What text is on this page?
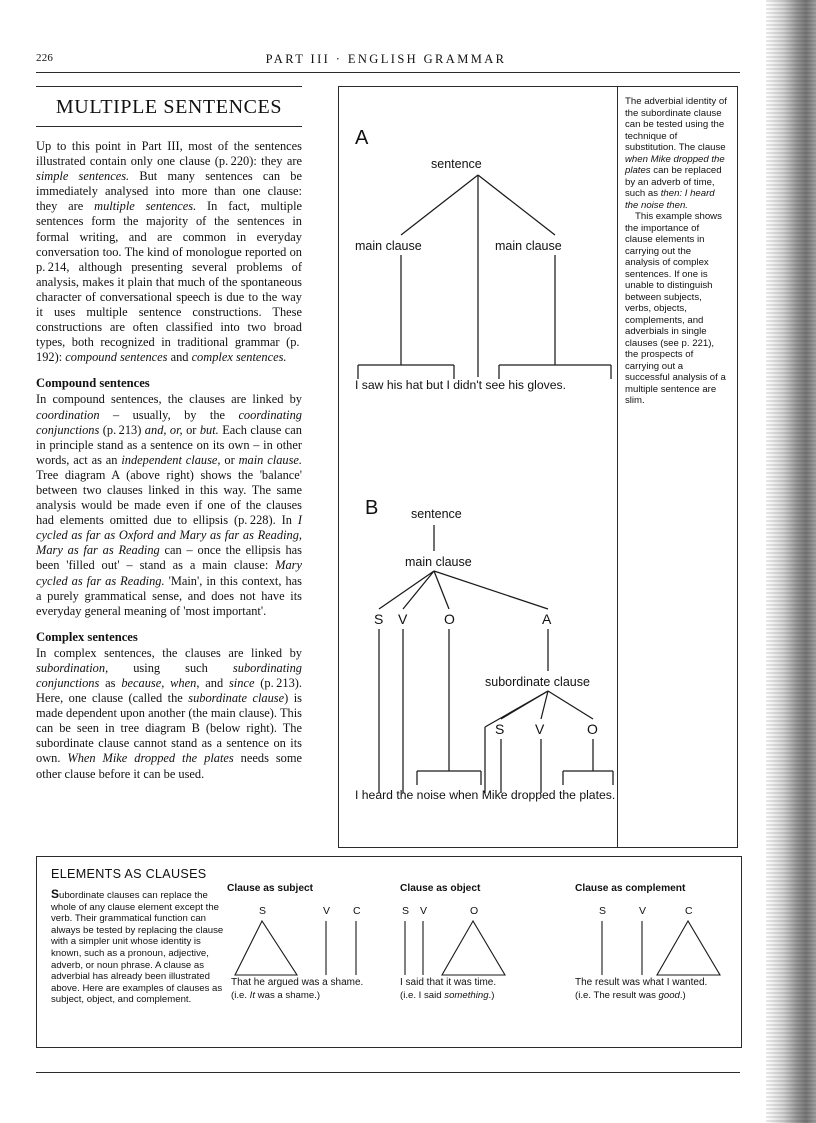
226	PART III · ENGLISH GRAMMAR
MULTIPLE SENTENCES

Up to this point in Part III, most of the sentences illustrated contain only one clause (p. 220): they are simple sentences. But many sentences can be immediately analysed into more than one clause: they are multiple sentences. In fact, multiple sentences form the majority of the sentences in formal writing, and are common in everyday conversation too. The kind of monologue reported on p. 214, although presenting several problems of analysis, makes it plain that much of the spontaneous character of conversational speech is due to the way it uses multiple sentence constructions. These constructions are often classified into two broad types, both recognized in traditional grammar (p. 192): compound sentences and complex sentences.

Compound sentences

In compound sentences, the clauses are linked by coordination – usually, by the coordinating conjunctions (p. 213) and, or, or but. Each clause can in principle stand as a sentence on its own – in other words, act as an independent clause, or main clause. Tree diagram A (above right) shows the 'balance' between two clauses linked in this way. The same analysis would be made even if one of the clauses had elements omitted due to ellipsis (p. 228). In I cycled as far as Oxford and Mary as far as Reading, Mary as far as Reading can – once the ellipsis has been 'filled out' – stand as a main clause: Mary cycled as far as Reading. 'Main', in this context, has a purely grammatical sense, and does not have its everyday general meaning of 'most important'.

Complex sentences

In complex sentences, the clauses are linked by subordination, using such subordinating conjunctions as because, when, and since (p. 213). Here, one clause (called the subordinate clause) is made dependent upon another (the main clause). This can be seen in tree diagram B (below right). The subordinate clause cannot stand as a sentence on its own. When Mike dropped the plates needs some other clause before it can be used.

A
sentence
main clause	main clause
I saw his hat but I didn't see his gloves.
B	sentence
main clause
S V	O	A
subordinate clause
S V	O
I heard the noise when Mike dropped the plates.

The adverbial identity of the subordinate clause can be tested using the technique of substitution. The clause when Mike dropped the plates can be replaced by an adverb of time, such as then: I heard the noise then.

This example shows the importance of clause elements in carrying out the analysis of complex sentences. If one is unable to distinguish between subjects, verbs, objects, complements, and adverbials in single clauses (see p. 221), the prospects of carrying out a successful analysis of a multiple sentence are slim.

ELEMENTS AS CLAUSES
Subordinate clauses can replace the whole of any clause element except the verb. Their grammatical function can always be tested by replacing the clause with a simpler unit whose identity is known, such as a pronoun, adjective, adverb, or noun phrase. A clause as adverbial has already been illustrated above. Here are examples of clauses as subject, object, and complement.
Clause as subject
S	V C
That he argued was a shame.
(i.e. It was a shame.)
Clause as object
S V	O
I said that it was time.
(i.e. I said something.)
Clause as complement
S	V	C
The result was what I wanted.
(i.e. The result was good.)
